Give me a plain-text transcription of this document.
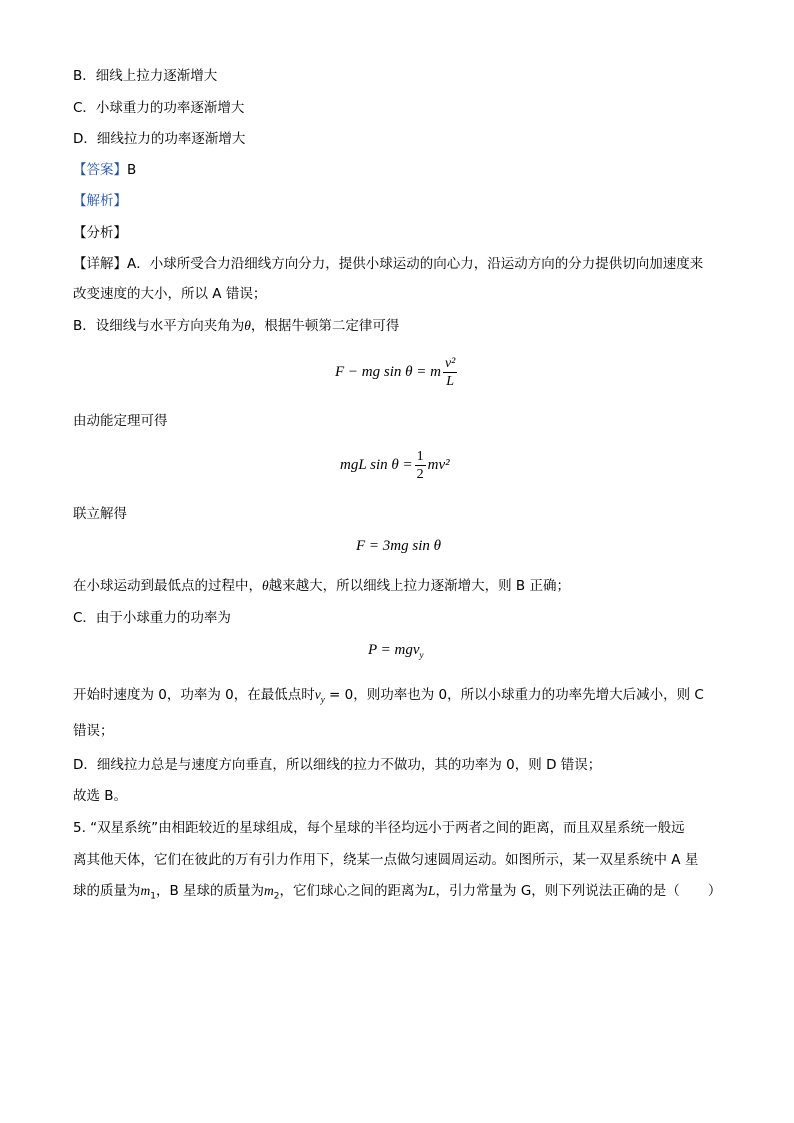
B．细线上拉力逐渐增大
C．小球重力的功率逐渐增大
D．细线拉力的功率逐渐增大
【答案】B
【解析】
【分析】
【详解】A．小球所受合力沿细线方向分力，提供小球运动的向心力，沿运动方向的分力提供切向加速度来
改变速度的大小，所以 A 错误；
B．设细线与水平方向夹角为θ，根据牛顿第二定律可得
F − mg sin θ = m $\frac{\text{v²}}{L}$
由动能定理可得
mgL $\sin \theta = \frac{1}{2} mv^2$
联立解得
F = 3mg sin θ
在小球运动到最低点的过程中，θ越来越大，所以细线上拉力逐渐增大，则 B 正确；
C．由于小球重力的功率为
P = mgv$_y$
开始时速度为 0，功率为 0，在最低点时$v_y = 0$，则功率也为 0，所以小球重力的功率先增大后减小，则 C
错误；
D．细线拉力总是与速度方向垂直，所以细线的拉力不做功，其的功率为 0，则 D 错误；
故选 B。
5. “双星系统”由相距较近的星球组成，每个星球的半径均远小于两者之间的距离，而且双星系统一般远
离其他天体，它们在彼此的万有引力作用下，绕某一点做匀速圆周运动。如图所示，某一双星系统中 A 星
球的质量为$m_1$，B 星球的质量为$m_2$，它们球心之间的距离为L，引力常量为 G，则下列说法正确的是（ ）
